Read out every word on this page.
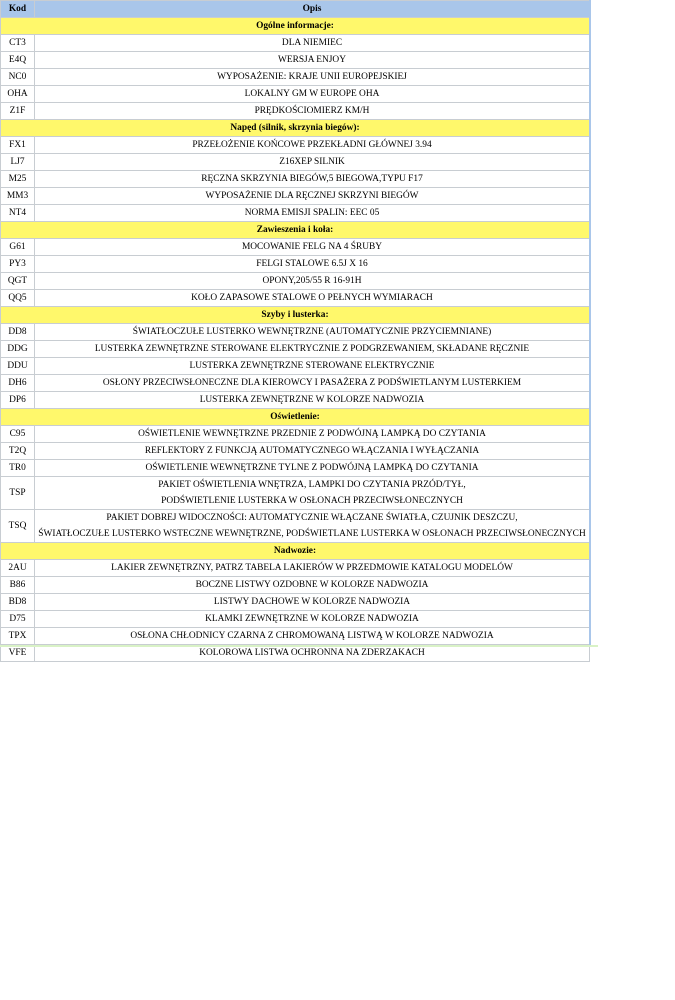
Kod	Opis
Ogólne informacje:	
CT3	DLA NIEMIEC

E4Q	WERSJA ENJOY

NC0	WYPOSAŻENIE: KRAJE UNII EUROPEJSKIEJ

OHA	LOKALNY GM W EUROPE OHA

Z1F	PRĘDKOŚCIOMIERZ KM/H

Napęd (silnik, skrzynia biegów):	
FX1	PRZEŁOŻENIE KOŃCOWE PRZEKŁADNI GŁÓWNEJ 3.94

LJ7	Z16XEP SILNIK

M25	RĘCZNA SKRZYNIA BIEGÓW,5 BIEGOWA,TYPU F17

MM3	WYPOSAŻENIE DLA RĘCZNEJ SKRZYNI BIEGÓW

NT4	NORMA EMISJI SPALIN: EEC 05

Zawieszenia i koła:	
G61	MOCOWANIE FELG NA 4 ŚRUBY

PY3	FELGI STALOWE 6.5J X 16

QGT	OPONY,205/55 R 16-91H

QQ5	KOŁO ZAPASOWE STALOWE O PEŁNYCH WYMIARACH

Szyby i lusterka:	
DD8	ŚWIATŁOCZUŁE LUSTERKO WEWNĘTRZNE (AUTOMATYCZNIE PRZYCIEMNIANE)

DDG	LUSTERKA ZEWNĘTRZNE STEROWANE ELEKTRYCZNIE Z PODGRZEWANIEM, SKŁADANE RĘCZNIE

DDU	LUSTERKA ZEWNĘTRZNE STEROWANE ELEKTRYCZNIE

DH6	OSŁONY PRZECIWSŁONECZNE DLA KIEROWCY I PASAŻERA Z PODŚWIETLANYM LUSTERKIEM

DP6	LUSTERKA ZEWNĘTRZNE W KOLORZE NADWOZIA

Oświetlenie:	
C95	OŚWIETLENIE WEWNĘTRZNE PRZEDNIE Z PODWÓJNĄ LAMPKĄ DO CZYTANIA

T2Q	REFLEKTORY Z FUNKCJĄ AUTOMATYCZNEGO WŁĄCZANIA I WYŁĄCZANIA

TR0	OŚWIETLENIE WEWNĘTRZNE TYLNE Z PODWÓJNĄ LAMPKĄ DO CZYTANIA

TSP	PAKIET OŚWIETLENIA WNĘTRZA, LAMPKI DO CZYTANIA PRZÓD/TYŁ,
PODŚWIETLENIE LUSTERKA W OSŁONACH PRZECIWSŁONECZNYCH

TSQ	PAKIET DOBREJ WIDOCZNOŚCI: AUTOMATYCZNIE WŁĄCZANE ŚWIATŁA, CZUJNIK DESZCZU,
ŚWIATŁOCZUŁE LUSTERKO WSTECZNE WEWNĘTRZNE, PODŚWIETLANE LUSTERKA W OSŁONACH PRZECIWSŁONECZNYCH

Nadwozie:	
2AU	LAKIER ZEWNĘTRZNY, PATRZ TABELA LAKIERÓW W PRZEDMOWIE KATALOGU MODELÓW

B86	BOCZNE LISTWY OZDOBNE W KOLORZE NADWOZIA

BD8	LISTWY DACHOWE W KOLORZE NADWOZIA

D75	KLAMKI ZEWNĘTRZNE W KOLORZE NADWOZIA

TPX	OSŁONA CHŁODNICY CZARNA Z CHROMOWANĄ LISTWĄ W KOLORZE NADWOZIA

VFE	KOLOROWA LISTWA OCHRONNA NA ZDERZAKACH
